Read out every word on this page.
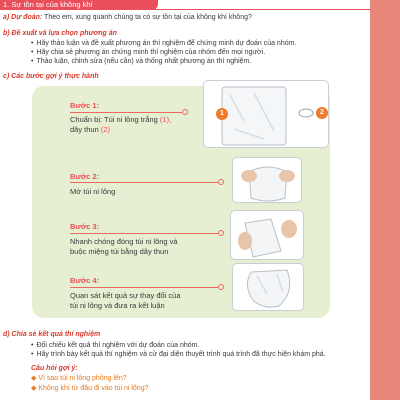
1. Sự tồn tại của không khí
a) Dự đoán: Theo em, xung quanh chúng ta có sự tồn tại của không khí không?
b) Đề xuất và lựa chọn phương án
• Hãy thảo luận và đề xuất phương án thí nghiệm để chứng minh dự đoán của nhóm.
• Hãy chia sẻ phương án chứng minh thí nghiệm của nhóm đến mọi người.
• Thảo luận, chỉnh sửa (nếu cần) và thống nhất phương án thí nghiệm.
c) Các bước gợi ý thực hành
Bước 1:
Chuẩn bị: Túi ni lông trắng (1),
dây thun (2)
1	2
Bước 2:
Mở túi ni lông
Bước 3:
Nhanh chóng đóng túi ni lông và
buộc miệng túi bằng dây thun
Bước 4:
Quan sát kết quả sự thay đổi của
túi ni lông và đưa ra kết luận
d) Chia sẻ kết quả thí nghiệm
• Đối chiếu kết quả thí nghiệm với dự đoán của nhóm.
• Hãy trình bày kết quả thí nghiệm và cử đại diện thuyết trình quá trình đã thực hiện khám phá.
Câu hỏi gợi ý:
◆ Vì sao túi ni lông phồng lên?
◆ Không khí từ đâu đi vào túi ni lông?
